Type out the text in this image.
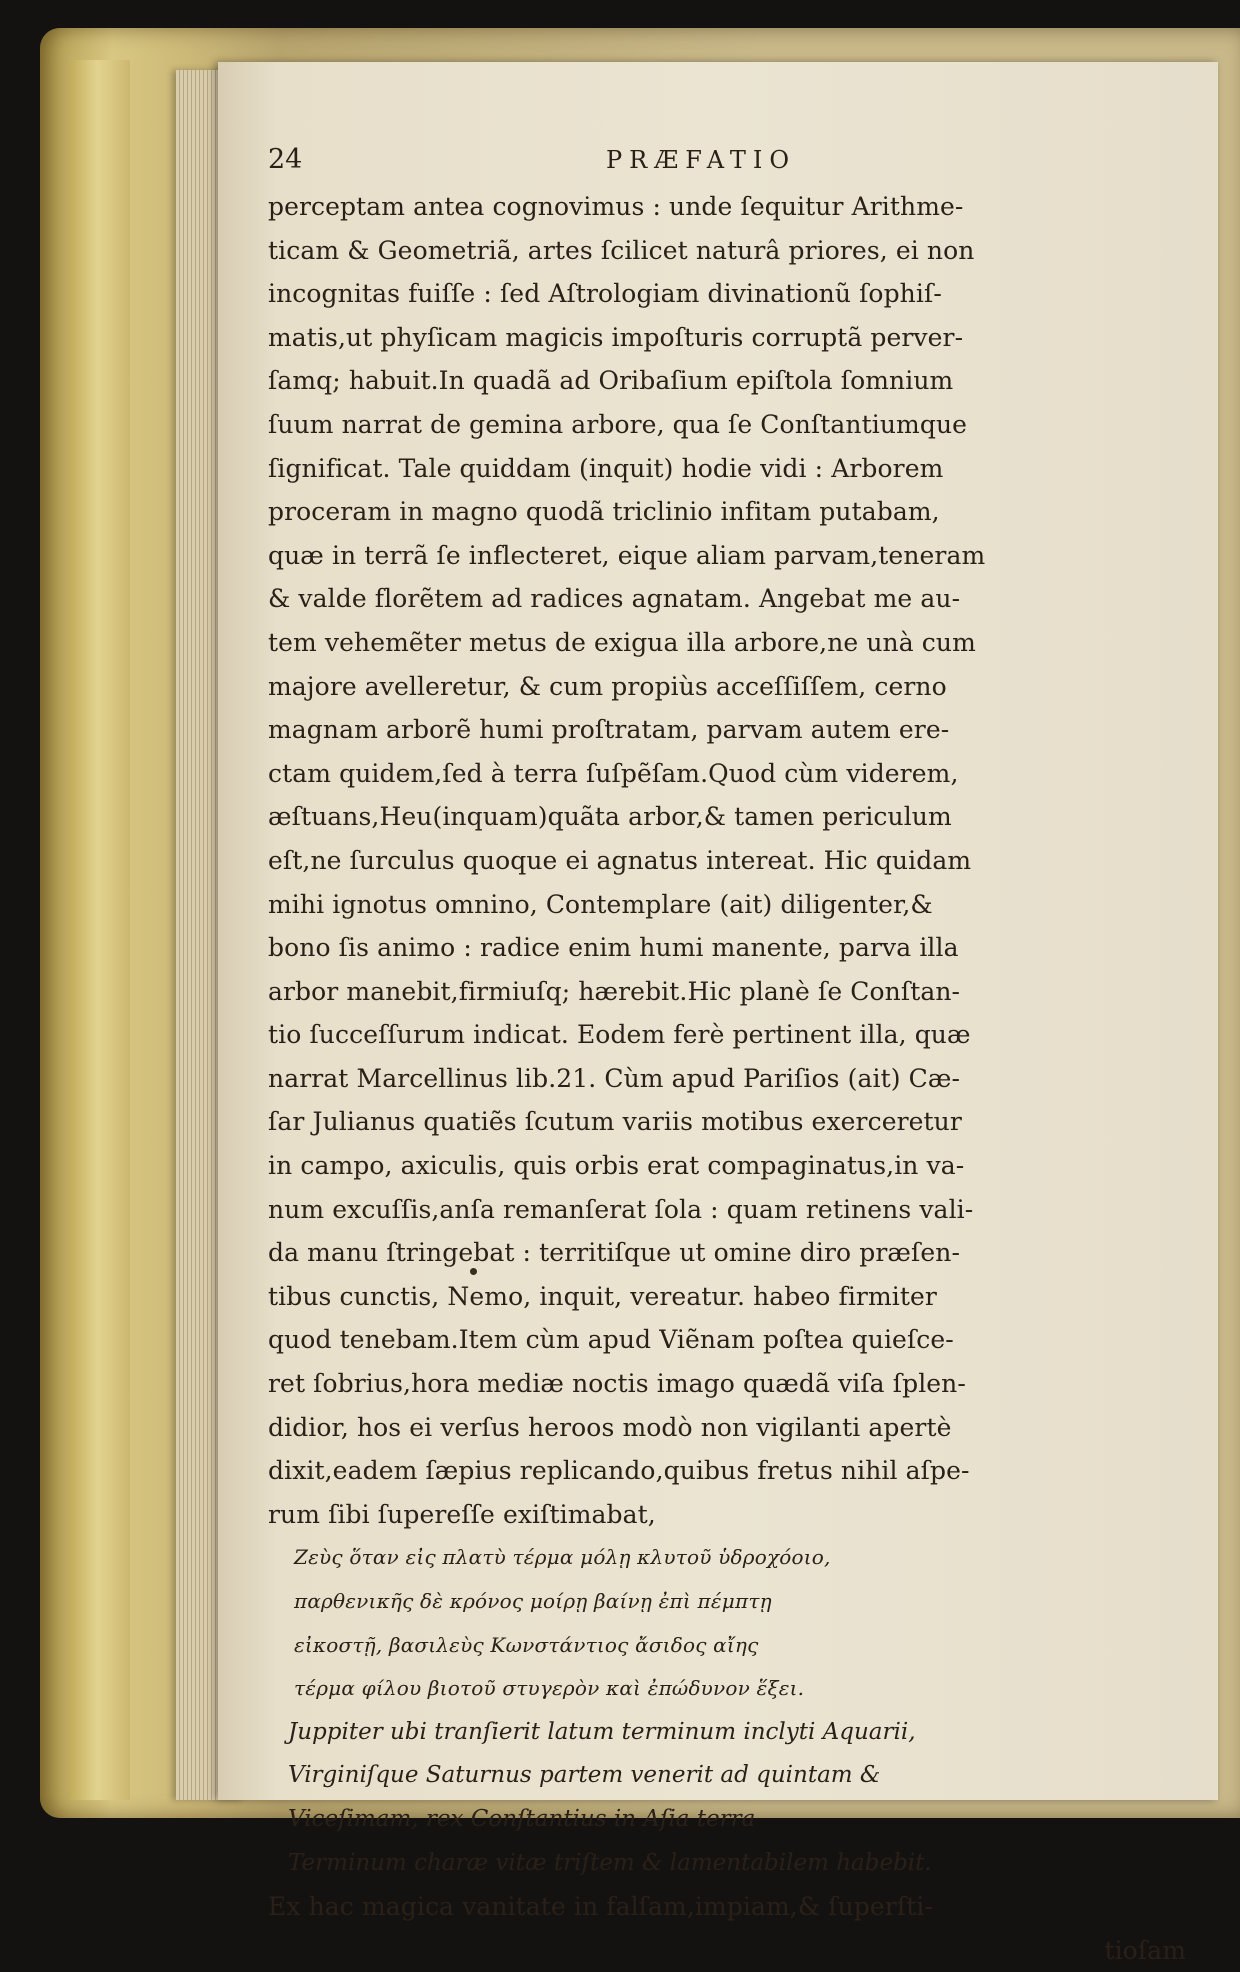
24	PRÆFATIO
perceptam antea cognovimus : unde ſequitur Arithme-
ticam & Geometriã, artes ſcilicet naturâ priores, ei non
incognitas fuiſſe : ſed Aſtrologiam divinationũ ſophiſ-
matis,ut phyſicam magicis impoſturis corruptã perver-
ſamq; habuit.In quadã ad Oribaſium epiſtola ſomnium
ſuum narrat de gemina arbore, qua ſe Conſtantiumque
ſignificat. Tale quiddam (inquit) hodie vidi : Arborem
proceram in magno quodã triclinio infitam putabam,
quæ in terrã ſe inflecteret, eique aliam parvam,teneram
& valde florẽtem ad radices agnatam. Angebat me au-
tem vehemẽter metus de exigua illa arbore,ne unà cum
majore avelleretur, & cum propiùs acceſſiſſem, cerno
magnam arborẽ humi proſtratam, parvam autem ere-
ctam quidem,ſed à terra ſuſpẽſam.Quod cùm viderem,
æſtuans,Heu(inquam)quãta arbor,& tamen periculum
eſt,ne ſurculus quoque ei agnatus intereat. Hic quidam
mihi ignotus omnino, Contemplare (ait) diligenter,&
bono ſis animo : radice enim humi manente, parva illa
arbor manebit,firmiuſq; hærebit.Hic planè ſe Conſtan-
tio ſucceſſurum indicat. Eodem ferè pertinent illa, quæ
narrat Marcellinus lib.21. Cùm apud Pariſios (ait) Cæ-
ſar Julianus quatiẽs ſcutum variis motibus exerceretur
in campo, axiculis, quis orbis erat compaginatus,in va-
num excuſſis,anſa remanſerat ſola : quam retinens vali-
da manu ſtringebat : territiſque ut omine diro præſen-
tibus cunctis, Nemo, inquit, vereatur. habeo firmiter
quod tenebam.Item cùm apud Viẽnam poſtea quieſce-
ret ſobrius,hora mediæ noctis imago quædã viſa ſplen-
didior, hos ei verſus heroos modò non vigilanti apertè
dixit,eadem ſæpius replicando,quibus fretus nihil aſpe-
rum ſibi ſupereſſe exiſtimabat,
Ζεὺς ὅταν εἰς πλατὺ τέρμα μόλῃ κλυτοῦ ὑδροχόοιο,
παρθενικῆς δὲ κρόνος μοίρῃ βαίνῃ ἐπὶ πέμπτῃ
εἰκοστῇ, βασιλεὺς Κωνστάντιος ἄσιδος αἴης
τέρμα φίλου βιοτοῦ στυγερὸν καὶ ἐπώδυνον ἕξει.
Juppiter ubi tranſierit latum terminum inclyti Aquarii,
Virginiſque Saturnus partem venerit ad quintam &
Viceſimam, rex Conſtantius in Aſia terra
Terminum charæ vitæ triſtem & lamentabilem habebit.
Ex hac magica vanitate in falſam,impiam,& ſuperſti-
tioſam
